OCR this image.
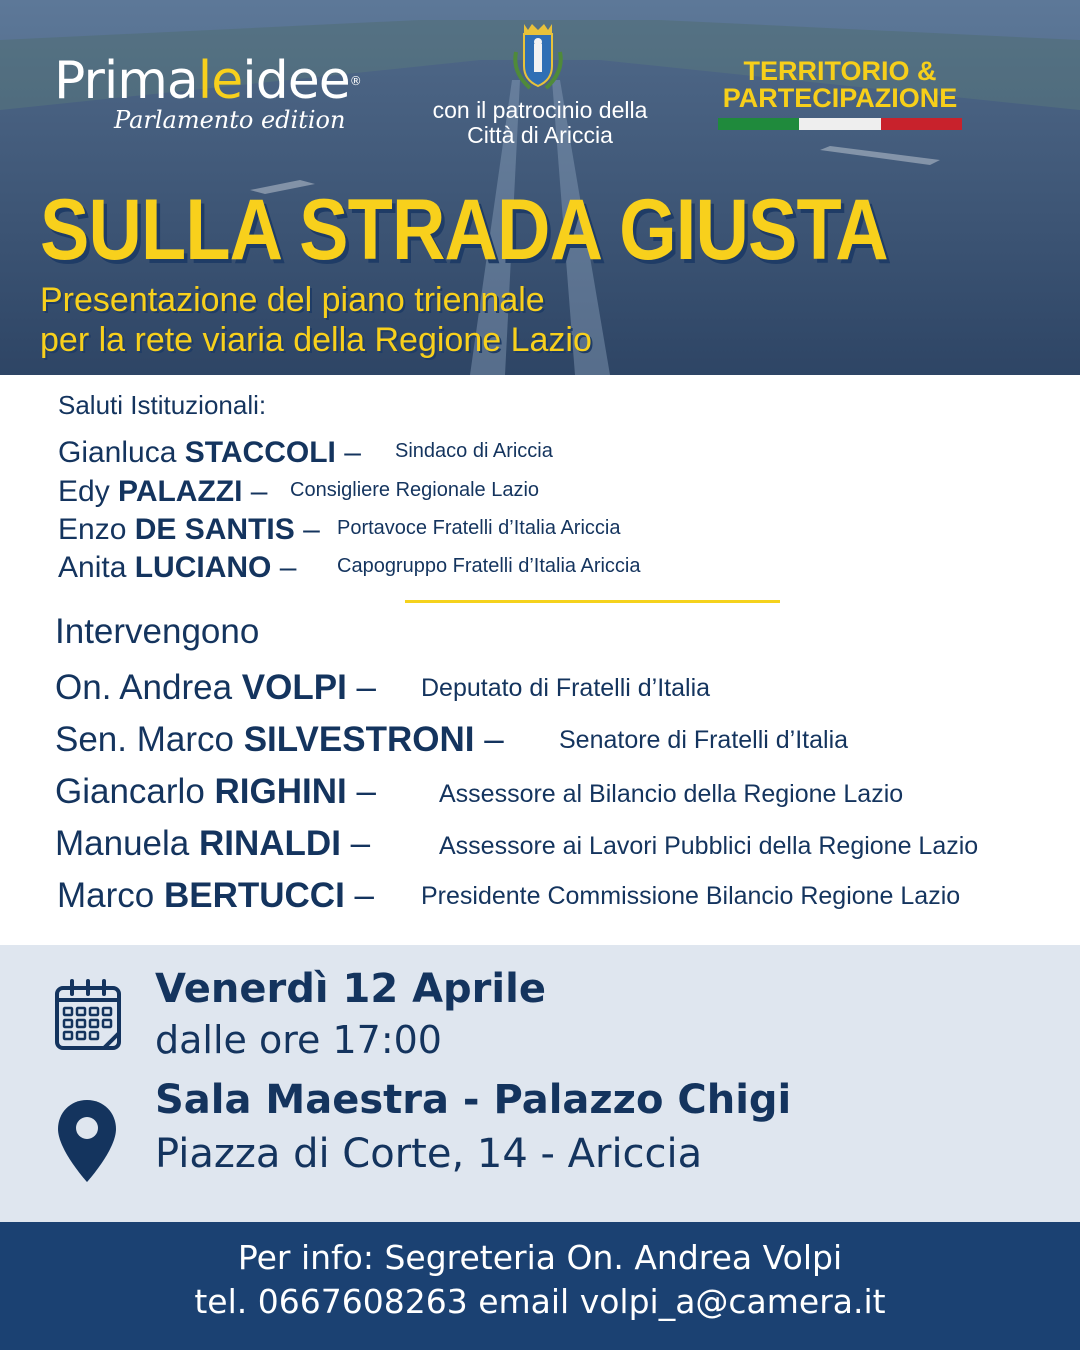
Primaleidee®
Parlamento edition	con il patrocinio della
Città di Ariccia
TERRITORIO &
PARTECIPAZIONE
SULLA STRADA GIUSTA
Presentazione del piano triennale
per la rete viaria della Regione Lazio
Saluti Istituzionali:
Gianluca STACCOLI – Sindaco di Ariccia
Edy PALAZZI – Consigliere Regionale Lazio
Enzo DE SANTIS – Portavoce Fratelli d’Italia Ariccia
Anita LUCIANO – Capogruppo Fratelli d’Italia Ariccia
Intervengono
On. Andrea VOLPI – Deputato di Fratelli d’Italia
Sen. Marco SILVESTRONI – Senatore di Fratelli d’Italia
Giancarlo RIGHINI –	Assessore al Bilancio della Regione Lazio
Manuela RINALDI –	Assessore ai Lavori Pubblici della Regione Lazio
Marco BERTUCCI – Presidente Commissione Bilancio Regione Lazio
Venerdì 12 Aprile
dalle ore 17:00
Sala Maestra - Palazzo Chigi
Piazza di Corte, 14 - Ariccia
Per info: Segreteria On. Andrea Volpi
tel. 0667608263 email volpi_a@camera.it
